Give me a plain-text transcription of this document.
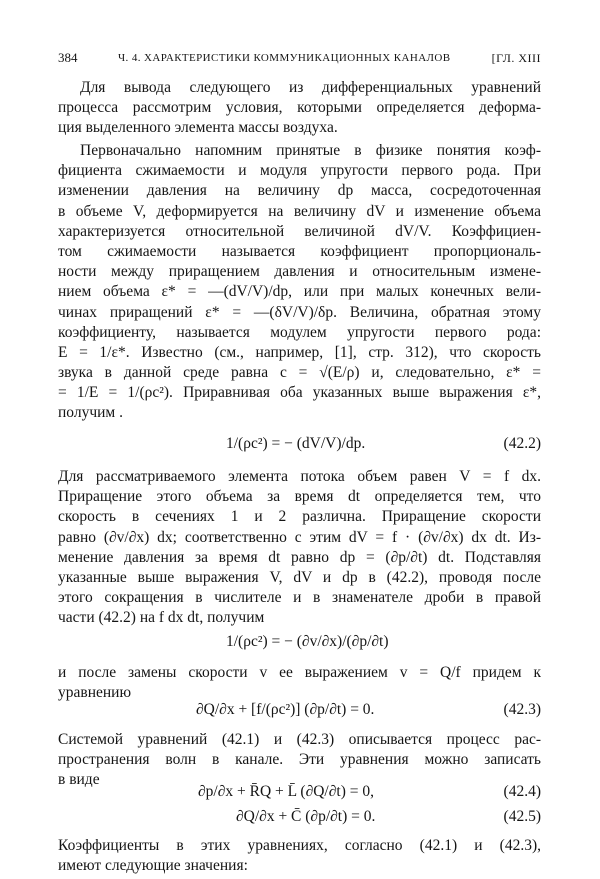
384	Ч. 4. ХАРАКТЕРИСТИКИ КОММУНИКАЦИОННЫХ КАНАЛОВ	[ГЛ. XIII
Для вывода следующего из дифференциальных уравнений
процесса рассмотрим условия, которыми определяется деформа-
ция выделенного элемента массы воздуха.
Первоначально напомним принятые в физике понятия коэф-
фициента сжимаемости и модуля упругости первого рода. При
изменении давления на величину dp масса, сосредоточенная
в объеме V, деформируется на величину dV и изменение объема
характеризуется относительной величиной dV/V. Коэффициен-
том сжимаемости называется коэффициент пропорциональ-
ности между приращением давления и относительным измене-
нием объема ε* = —(dV/V)/dp, или при малых конечных вели-
чинах приращений ε* = —(δV/V)/δp. Величина, обратная этому
коэффициенту, называется модулем упругости первого рода:
E = 1/ε*. Известно (см., например, [1], стр. 312), что скорость
звука в данной среде равна c = √(E/ρ) и, следовательно, ε* =
= 1/E = 1/(ρc²). Приравнивая оба указанных выше выражения ε*,
получим .
1/(ρc²) = − (dV/V)/dp.	(42.2)
Для рассматриваемого элемента потока объем равен V = f dx.
Приращение этого объема за время dt определяется тем, что
скорость в сечениях 1 и 2 различна. Приращение скорости
равно (∂v/∂x) dx; соответственно с этим dV = f · (∂v/∂x) dx dt. Из-
менение давления за время dt равно dp = (∂p/∂t) dt. Подставляя
указанные выше выражения V, dV и dp в (42.2), проводя после
этого сокращения в числителе и в знаменателе дроби в правой
части (42.2) на f dx dt, получим
1/(ρc²) = − (∂v/∂x)/(∂p/∂t)
и после замены скорости v ее выражением v = Q/f придем к
уравнению
∂Q/∂x + [f/(ρc²)] (∂p/∂t) = 0.	(42.3)
Системой уравнений (42.1) и (42.3) описывается процесс рас-
пространения волн в канале. Эти уравнения можно записать
в виде
∂p/∂x + R̄Q + L̄ (∂Q/∂t) = 0,	(42.4)
∂Q/∂x + C̄ (∂p/∂t) = 0.	(42.5)
Коэффициенты в этих уравнениях, согласно (42.1) и (42.3),
имеют следующие значения:
